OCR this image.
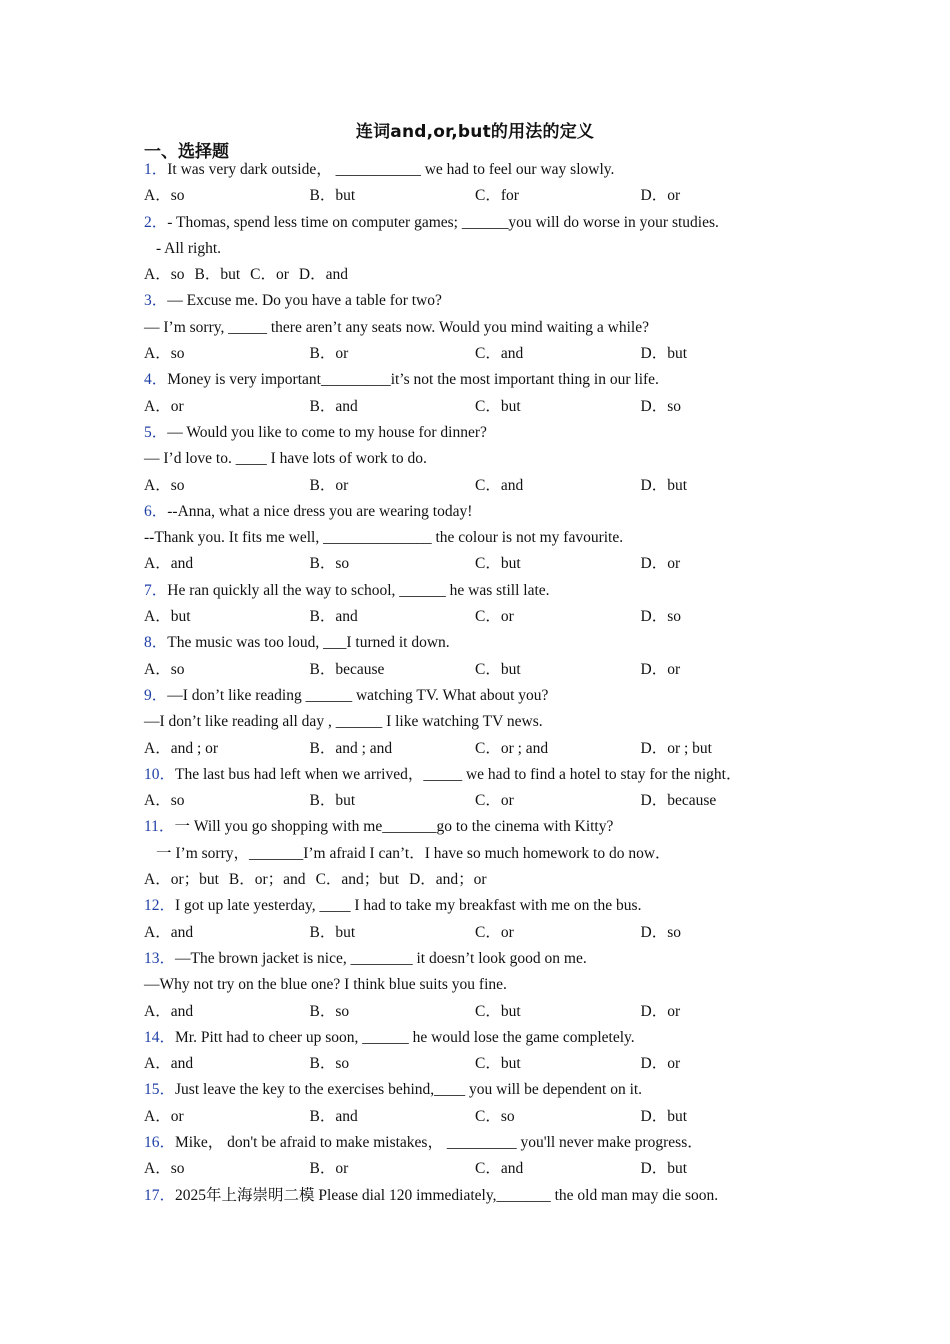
连词and,or,but的用法的定义
一、选择题
1．It was very dark outside， ___________ we had to feel our way slowly.
A．so	B．but	C．for	D．or
2．- Thomas, spend less time on computer games; ______you will do worse in your studies.
- All right.
A．so B．but C．or D．and
3．— Excuse me. Do you have a table for two?
— I’m sorry, _____ there aren’t any seats now. Would you mind waiting a while?
A．so	B．or	C．and	D．but
4．Money is very important_________it’s not the most important thing in our life.
A．or	B．and	C．but	D．so
5．— Would you like to come to my house for dinner?
— I’d love to. ____ I have lots of work to do.
A．so	B．or	C．and	D．but
6．--Anna, what a nice dress you are wearing today!
--Thank you. It fits me well, ______________ the colour is not my favourite.
A．and	B．so	C．but	D．or
7．He ran quickly all the way to school, ______ he was still late.
A．but	B．and	C．or	D．so
8．The music was too loud, ___I turned it down.
A．so	B．because	C．but	D．or
9．—I don’t like reading ______ watching TV. What about you?
—I don’t like reading all day , ______ I like watching TV news.
A．and ; or	B．and ; and	C．or ; and	D．or ; but
10．The last bus had left when we arrived，_____ we had to find a hotel to stay for the night．
A．so	B．but	C．or	D．because
11．一 Will you go shopping with me_______go to the cinema with Kitty?
一 I’m sorry，_______I’m afraid I can’t．I have so much homework to do now．
A．or；but B．or；and C．and；but D．and；or
12．I got up late yesterday, ____ I had to take my breakfast with me on the bus.
A．and	B．but	C．or	D．so
13．—The brown jacket is nice, ________ it doesn’t look good on me.
—Why not try on the blue one? I think blue suits you fine.
A．and	B．so	C．but	D．or
14．Mr. Pitt had to cheer up soon, ______ he would lose the game completely.
A．and	B．so	C．but	D．or
15．Just leave the key to the exercises behind,____ you will be dependent on it.
A．or	B．and	C．so	D．but
16．Mike， don't be afraid to make mistakes， _________ you'll never make progress．
A．so	B．or	C．and	D．but
17．2025年上海崇明二模 Please dial 120 immediately,_______ the old man may die soon.
